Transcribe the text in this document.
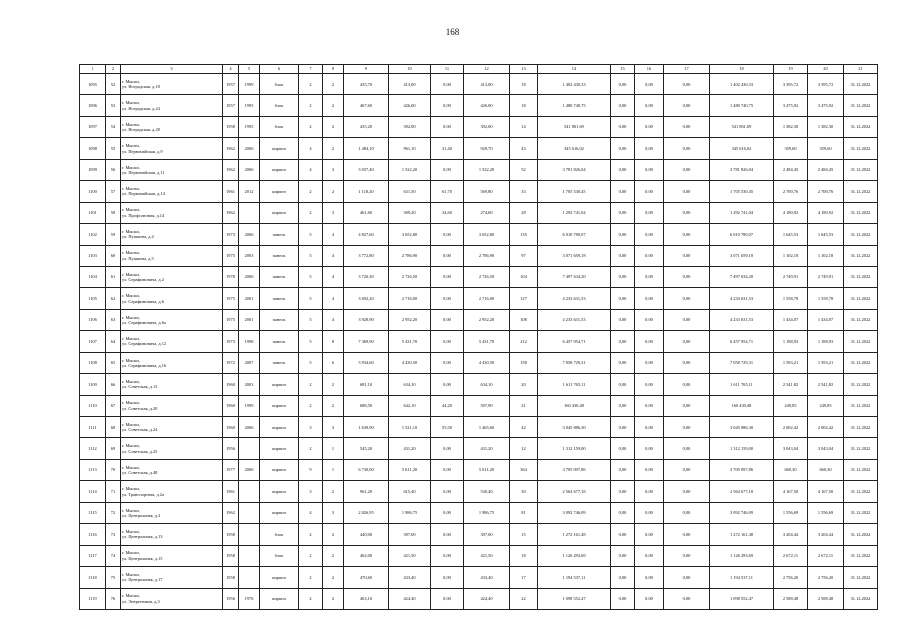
168
1	2	3	4	5	6	7	8	9	10	11	12	13	14	15	16	17	18	19	20	21
1095	52	г. Мыски,
ул. Ноградская, д.18	1957	1999	блок	2	2	435,70	413,00	0,00	413,00	18	1 402 430,33	0,00	0,00	0,00	1 402 430,33	3 395,72	3 395,72	31.12.2022
1096	53	г. Мыски,
ул. Ноградская, д.24	1957	1995	блок	2	2	467,60	426,00	0,00	426,00	18	1 480 740,75	0,00	0,00	0,00	1 480 740,75	3 475,92	3 475,92	31.12.2022
1097	54	г. Мыски,
ул. Ноградская, д.28	1958	1995	блок	2	2	435,20	392,00	0,00	392,00	14	541 861,69	0,00	0,00	0,00	541 861,69	1 382,30	1 382,30	31.12.2022
1098	55	г. Мыски,
ул. Первомайская, д.9	1962	2006	кирпич	4	2	1 484,10	961,10	31,40	929,70	43	345 616,02	0,00	0,00	0,00	345 616,02	359,60	359,60	31.12.2022
1099	56	г. Мыски,
ул. Первомайская, д.11	1962	2006	кирпич	4	3	3 037,40	1 522,20	0,00	1 522,20	52	3 781 826,04	0,00	0,00	0,00	3 781 826,04	2 484,45	2 484,45	31.12.2022
1100	57	г. Мыски,
ул. Первомайская, д.14	1961	2012	кирпич	2	2	1 118,20	631,50	61,70	569,80	33	1 705 530,45	0,00	0,00	0,00	1 705 530,45	2 700,76	2 700,76	31.12.2022
1101	58	г. Мыски,
ул. Профсоюзная, д.14	1962		кирпич	2	3	461,60	309,20	34,60	274,60	28	1 292 741,04	0,00	0,00	0,00	1 292 741,04	4 180,92	4 180,92	31.12.2022
1102	59	г. Мыски,
ул. Пушкина, д.4	1973	2006	панель	5	4	4 827,60	3 652,80	0,00	3 652,80	135	6 010 780,07	0,00	0,00	0,00	6 010 780,07	1 645,53	1 645,53	31.12.2022
1103	60	г. Мыски,
ул. Пушкина, д.5	1975	2003	панель	5	4	3 772,80	2 786,90	0,00	2 786,90	97	3 071 659,18	0,00	0,00	0,00	3 071 659,18	1 102,18	1 102,18	31.12.2022
1104	61	г. Мыски,
ул. Серафимовича, д.2	1978	2006	панель	5	4	3 720,30	2 726,50	0,00	2 726,50	104	7 497 634,20	0,00	0,00	0,00	7 497 634,20	2 749,91	2 749,91	31.12.2022
1105	62	г. Мыски,
ул. Серафимовича, д.6	1975	2001	панель	5	4	3 692,20	2 716,00	0,00	2 716,00	127	4 233 631,53	0,00	0,00	0,00	4 233 631,53	1 558,78	1 558,78	31.12.2022
1106	63	г. Мыски,
ул. Серафимовича, д.6а	1975	2001	панель	5	4	3 928,90	2 952,20	0,00	2 952,20	108	4 233 631,53	0,00	0,00	0,00	4 233 631,53	1 434,07	1 434,07	31.12.2022
1107	64	г. Мыски,
ул. Серафимовича, д.12	1973	1998	панель	5	8	7 369,90	5 431,70	0,00	5 431,70	212	6 457 954,71	0,00	0,00	0,00	6 457 954,71	1 188,93	1 188,93	31.12.2022
1108	65	г. Мыски,
ул. Серафимовича, д.16	1972	2007	панель	5	6	5 934,60	4 430,50	0,00	4 430,50	158	7 058 729,31	0,00	0,00	0,00	7 058 729,31	1 593,21	1 593,21	31.12.2022
1109	66	г. Мыски,
ул. Советская, д.13	1960	2003	кирпич	2	2	681,10	634,10	0,00	634,10	20	1 611 765,11	0,00	0,00	0,00	1 611 765,11	2 541,82	2 541,82	31.12.2022
1110	67	г. Мыски,
ул. Советская, д.20	1960	1999	кирпич	2	2	688,50	642,10	44,20	597,90	21	160 430,48	0,00	0,00	0,00	160 430,48	249,85	249,85	31.12.2022
1111	68	г. Мыски,
ул. Советская, д.24	1960	2006	кирпич	3	3	1 639,90	1 521,10	55,50	1 465,60	42	3 045 886,30	0,00	0,00	0,00	3 045 886,30	2 002,42	2 002,42	31.12.2022
1112	69	г. Мыски,
ул. Советская, д.25	1956		кирпич	2	1	545,20	431,20	0,00	431,20	12	1 312 159,00	0,00	0,00	0,00	1 312 159,00	3 043,04	3 043,04	31.12.2022
1113	70	г. Мыски,
ул. Советская, д.48	1977	2006	кирпич	9	1	6 730,00	5 611,20	0,00	5 611,20	364	3 705 097,86	0,00	0,00	0,00	3 705 097,86	660,30	660,30	31.12.2022
1114	71	г. Мыски,
ул. Транспортная, д.2а	1961		кирпич	3	2	961,20	615,40	0,00	530,40	30	2 564 677,18	0,00	0,00	0,00	2 564 677,18	4 167,50	4 167,50	31.12.2022
1115	72	г. Мыски,
ул. Центральная, д.3	1962		кирпич	4	3	2 826,95	1 986,75	0,00	1 986,75	81	3 092 746,09	0,00	0,00	0,00	3 092 746,09	1 556,69	1 556,69	31.12.2022
1116	73	г. Мыски,
ул. Центральная, д.13	1958		блок	2	2	440,00	397,00	0,00	397,00	15	1 272 161,48	0,00	0,00	0,00	1 272 161,48	3 204,44	3 204,44	31.12.2022
1117	74	г. Мыски,
ул. Центральная, д.15	1958		блок	2	2	462,00	421,50	0,00	421,50	18	1 126 293,69	0,00	0,00	0,00	1 126 293,69	2 672,11	2 672,11	31.12.2022
1118	75	г. Мыски,
ул. Центральная, д.17	1958		кирпич	2	2	470,60	433,40	0,00	433,40	17	1 194 537,11	0,00	0,00	0,00	1 194 537,11	2 756,20	2 756,20	31.12.2022
1119	76	г. Мыски,
ул. Энергетиков, д.3	1956	1976	кирпич	2	2	463,10	424,40	0,00	424,40	22	1 098 552,47	0,00	0,00	0,00	1 098 552,47	2 588,48	2 588,48	31.12.2022
